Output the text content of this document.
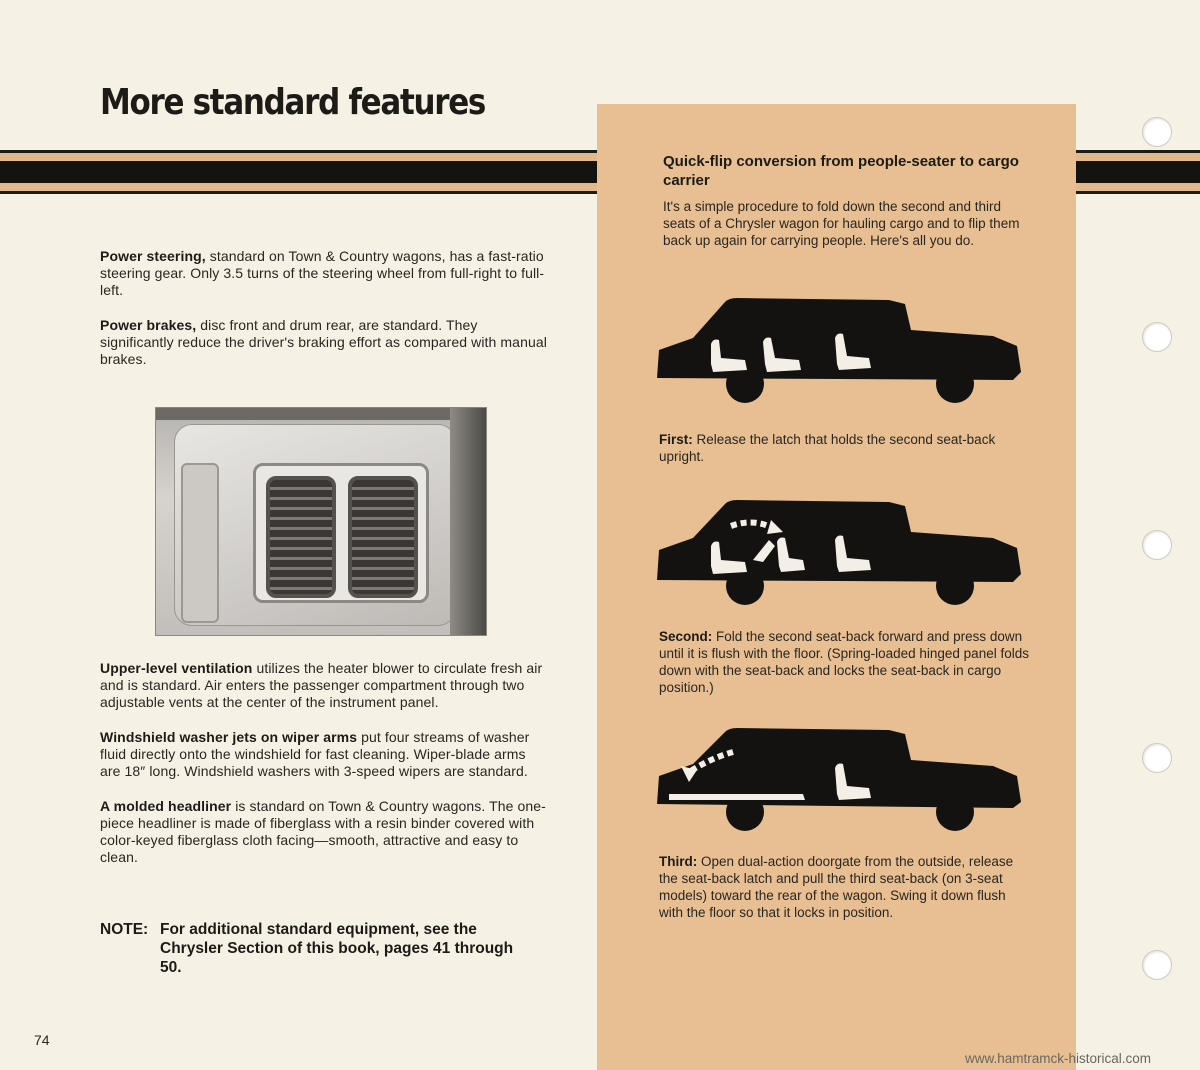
More standard features

Power steering, standard on Town & Country wagons, has a fast-ratio steering gear. Only 3.5 turns of the steering wheel from full-right to full-left.

Power brakes, disc front and drum rear, are standard. They significantly reduce the driver's braking effort as compared with manual brakes.

Upper-level ventilation utilizes the heater blower to circulate fresh air and is standard. Air enters the passenger compartment through two adjustable vents at the center of the instrument panel.

Windshield washer jets on wiper arms put four streams of washer fluid directly onto the windshield for fast cleaning. Wiper-blade arms are 18″ long. Windshield washers with 3-speed wipers are standard.

A molded headliner is standard on Town & Country wagons. The one-piece headliner is made of fiberglass with a resin binder covered with color-keyed fiberglass cloth facing—smooth, attractive and easy to clean.

NOTE: For additional standard equipment, see the Chrysler Section of this book, pages 41 through 50.
Quick-flip conversion from people-seater to cargo carrier

It's a simple procedure to fold down the second and third seats of a Chrysler wagon for hauling cargo and to flip them back up again for carrying people. Here's all you do.

First: Release the latch that holds the second seat-back upright.

Second: Fold the second seat-back forward and press down until it is flush with the floor. (Spring-loaded hinged panel folds down with the seat-back and locks the seat-back in cargo position.)

Third: Open dual-action doorgate from the outside, release the seat-back latch and pull the third seat-back (on 3-seat models) toward the rear of the wagon. Swing it down flush with the floor so that it locks in position.

74

www.hamtramck-historical.com
